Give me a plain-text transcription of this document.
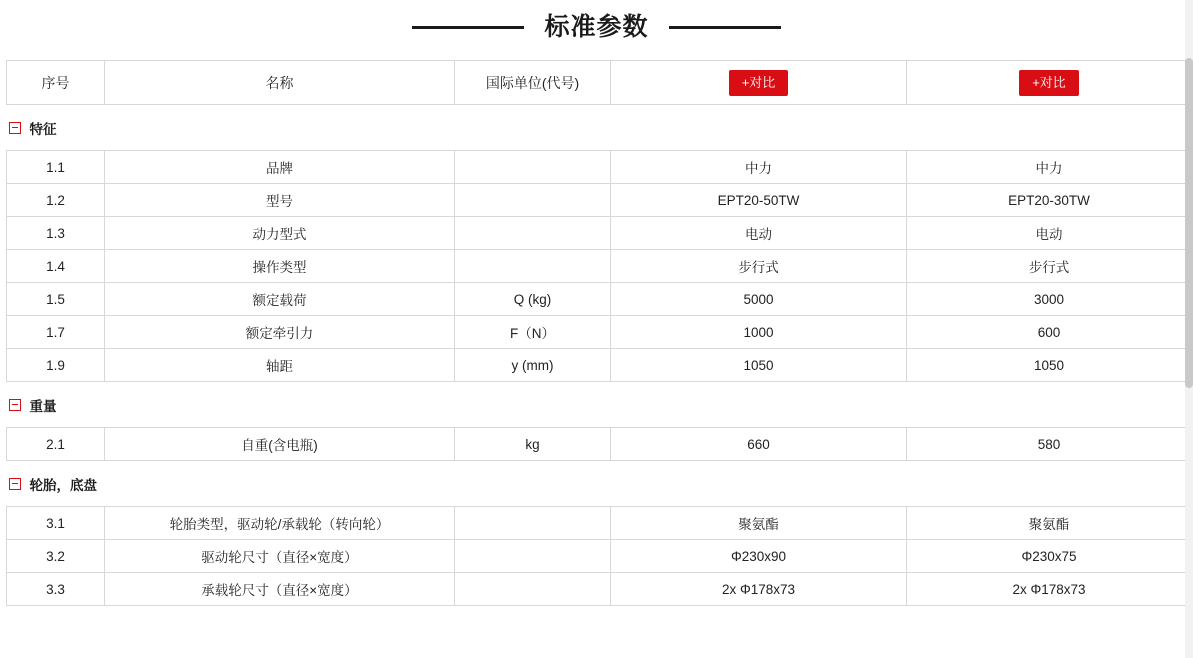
标准参数
序号	名称	国际单位(代号)	+对比	+对比

特征				

1.1	品牌		中力	中力
1.2	型号		EPT20-50TW	EPT20-30TW
1.3	动力型式		电动	电动
1.4	操作类型		步行式	步行式
1.5	额定载荷	Q (kg)	5000	3000
1.7	额定牵引力	F（N）	1000	600
1.9	轴距	y (mm)	1050	1050

重量				

2.1	自重(含电瓶)	kg	660	580

轮胎，底盘				

3.1	轮胎类型，驱动轮/承载轮（转向轮）		聚氨酯	聚氨酯
3.2	驱动轮尺寸（直径×宽度）		Φ230x90	Φ230x75
3.3	承载轮尺寸（直径×宽度）		2x Φ178x73	2x Φ178x73
